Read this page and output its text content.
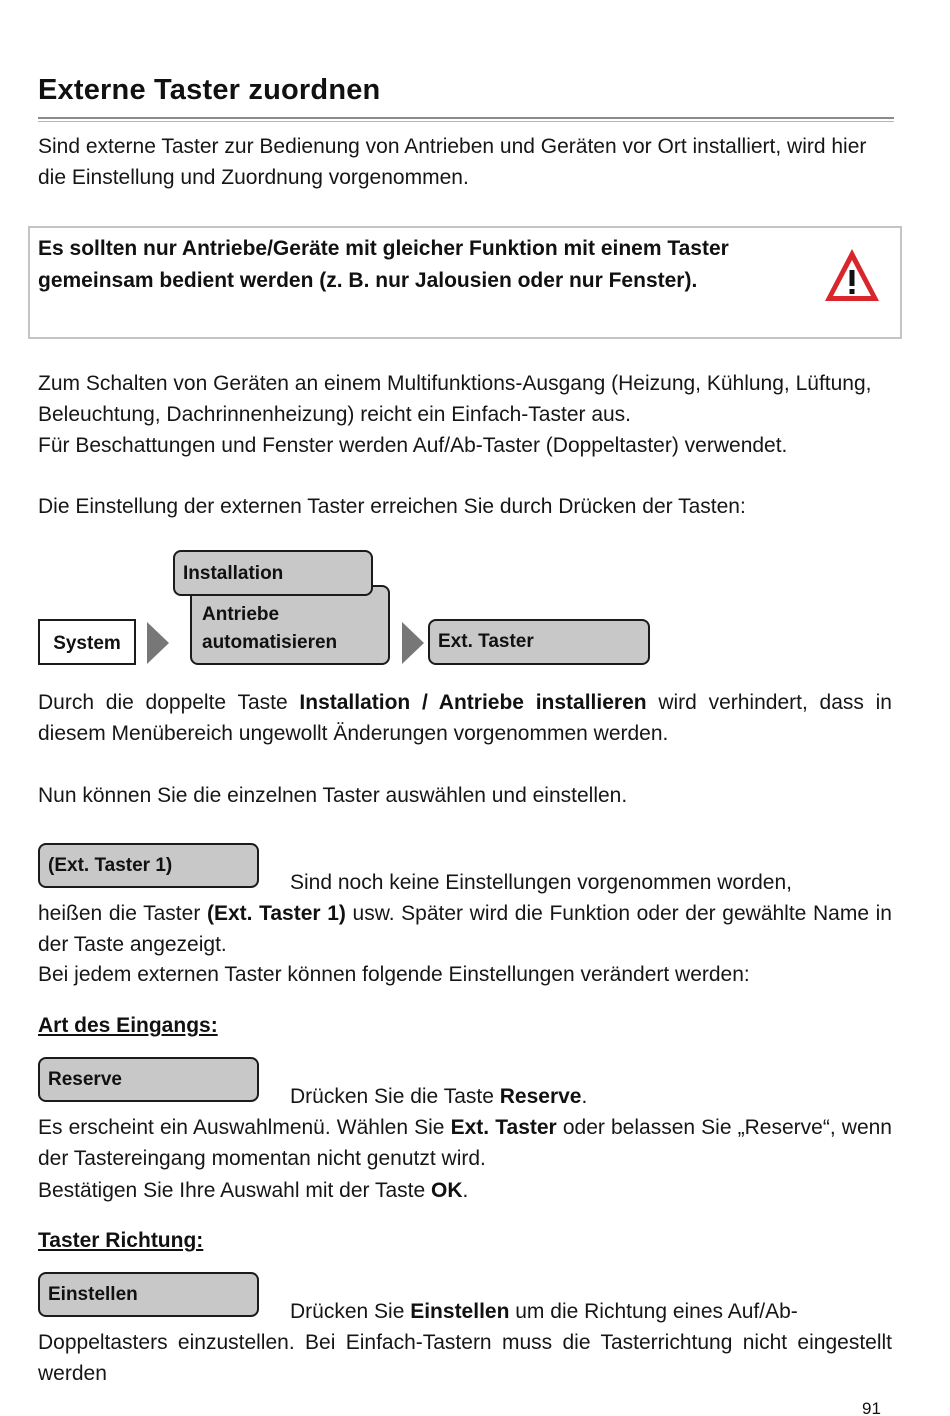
Externe Taster zuordnen
Sind externe Taster zur Bedienung von Antrieben und Geräten vor Ort installiert, wird hier die Einstellung und Zuordnung vorgenommen.
Es sollten nur Antriebe/Geräte mit gleicher Funktion mit einem Taster gemeinsam bedient werden (z. B. nur Jalousien oder nur Fenster).
Zum Schalten von Geräten an einem Multifunktions-Ausgang (Heizung, Kühlung, Lüftung, Beleuchtung, Dachrinnenheizung) reicht ein Einfach-Taster aus.
Für Beschattungen und Fenster werden Auf/Ab-Taster (Doppeltaster) verwendet.
Die Einstellung der externen Taster erreichen Sie durch Drücken der Tasten:
System
Antriebe
automatisieren
Installation
Ext. Taster
Durch die doppelte Taste Installation / Antriebe installieren wird verhindert, dass in diesem Menübereich ungewollt Änderungen vorgenommen werden.
Nun können Sie die einzelnen Taster auswählen und einstellen.
(Ext. Taster 1)
Sind noch keine Einstellungen vorgenommen worden,
heißen die Taster (Ext. Taster 1) usw. Später wird die Funktion oder der gewählte Name in der Taste angezeigt.
Bei jedem externen Taster können folgende Einstellungen verändert werden:
Art des Eingangs:
Reserve
Drücken Sie die Taste Reserve.
Es erscheint ein Auswahlmenü. Wählen Sie Ext. Taster oder belassen Sie „Reserve“, wenn der Tastereingang momentan nicht genutzt wird.
Bestätigen Sie Ihre Auswahl mit der Taste OK.
Taster Richtung:
Einstellen
Drücken Sie Einstellen um die Richtung eines Auf/Ab-
Doppeltasters einzustellen. Bei Einfach-Tastern muss die Tasterrichtung nicht eingestellt werden
91
